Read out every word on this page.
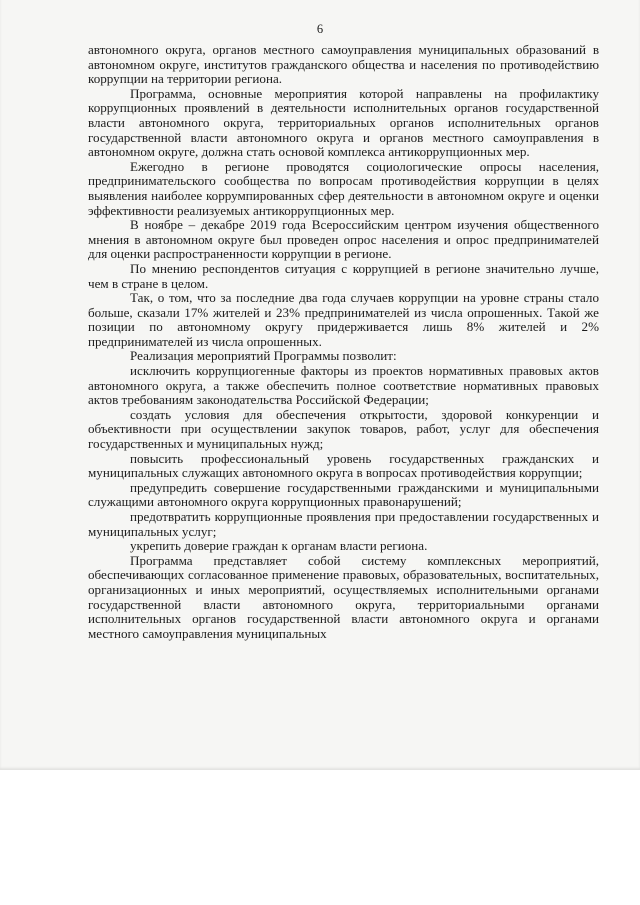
6

автономного округа, органов местного самоуправления муниципальных образований в автономном округе, институтов гражданского общества и населения по противодействию коррупции на территории региона.

Программа, основные мероприятия которой направлены на профилактику коррупционных проявлений в деятельности исполнительных органов государственной власти автономного округа, территориальных органов исполнительных органов государственной власти автономного округа и органов местного самоуправления в автономном округе, должна стать основой комплекса антикоррупционных мер.

Ежегодно в регионе проводятся социологические опросы населения, предпринимательского сообщества по вопросам противодействия коррупции в целях выявления наиболее коррумпированных сфер деятельности в автономном округе и оценки эффективности реализуемых антикоррупционных мер.

В ноябре – декабре 2019 года Всероссийским центром изучения общественного мнения в автономном округе был проведен опрос населения и опрос предпринимателей для оценки распространенности коррупции в регионе.

По мнению респондентов ситуация с коррупцией в регионе значительно лучше, чем в стране в целом.

Так, о том, что за последние два года случаев коррупции на уровне страны стало больше, сказали 17% жителей и 23% предпринимателей из числа опрошенных. Такой же позиции по автономному округу придерживается лишь 8% жителей и 2% предпринимателей из числа опрошенных.

Реализация мероприятий Программы позволит:

исключить коррупциогенные факторы из проектов нормативных правовых актов автономного округа, а также обеспечить полное соответствие нормативных правовых актов требованиям законодательства Российской Федерации;

создать условия для обеспечения открытости, здоровой конкуренции и объективности при осуществлении закупок товаров, работ, услуг для обеспечения государственных и муниципальных нужд;

повысить профессиональный уровень государственных гражданских и муниципальных служащих автономного округа в вопросах противодействия коррупции;

предупредить совершение государственными гражданскими и муниципальными служащими автономного округа коррупционных правонарушений;

предотвратить коррупционные проявления при предоставлении государственных и муниципальных услуг;

укрепить доверие граждан к органам власти региона.

Программа представляет собой систему комплексных мероприятий, обеспечивающих согласованное применение правовых, образовательных, воспитательных, организационных и иных мероприятий, осуществляемых исполнительными органами государственной власти автономного округа, территориальными органами исполнительных органов государственной власти автономного округа и органами местного самоуправления муниципальных
